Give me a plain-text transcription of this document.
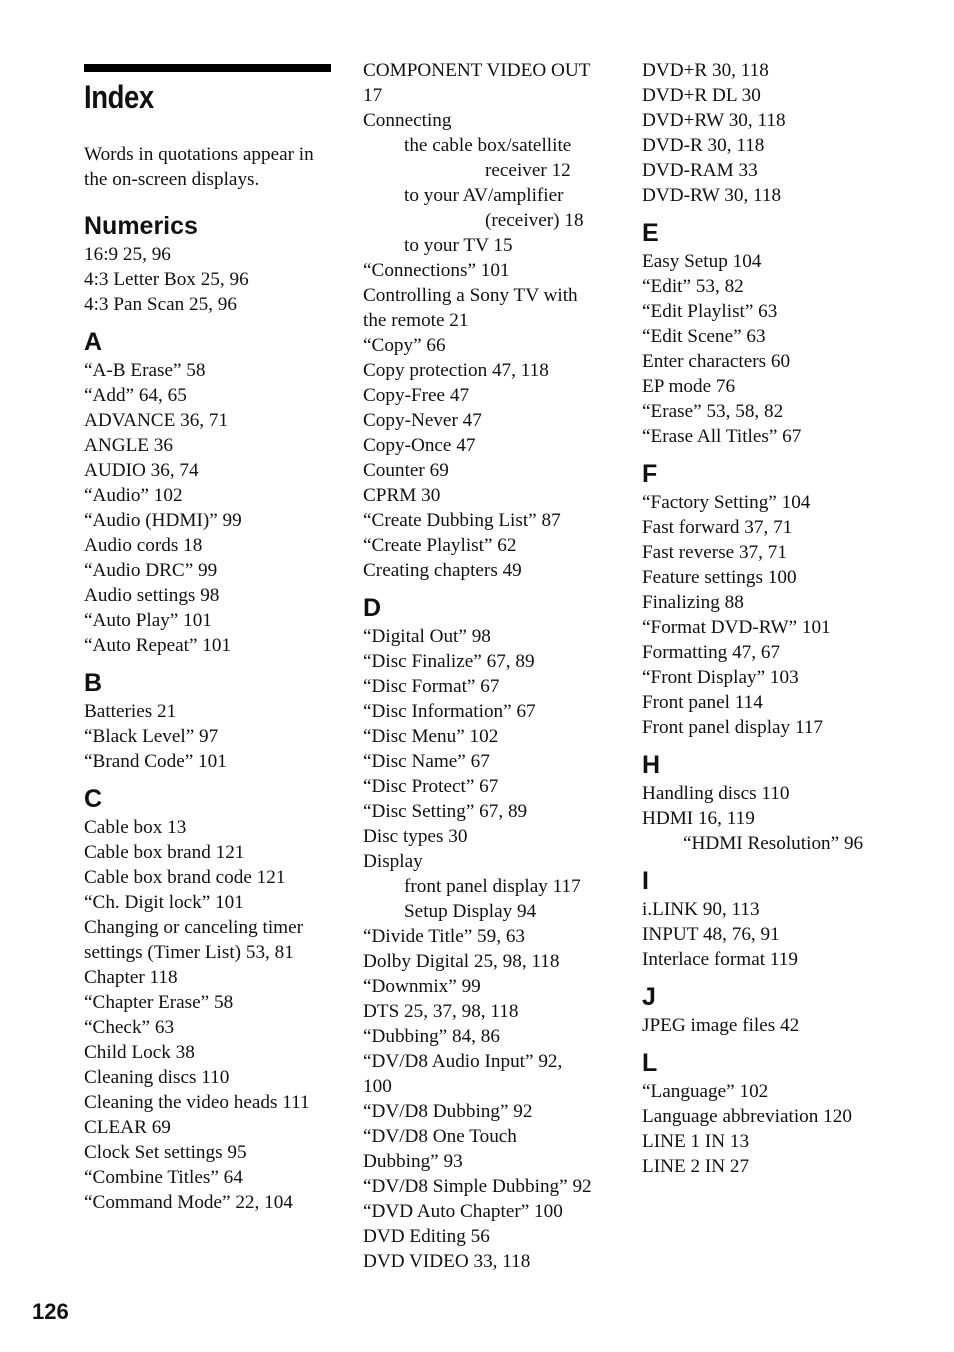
Index

Words in quotations appear in the on-screen displays.

Numerics
16:9 25, 96
4:3 Letter Box 25, 96
4:3 Pan Scan 25, 96
A
“A-B Erase” 58
“Add” 64, 65
ADVANCE 36, 71
ANGLE 36
AUDIO 36, 74
“Audio” 102
“Audio (HDMI)” 99
Audio cords 18
“Audio DRC” 99
Audio settings 98
“Auto Play” 101
“Auto Repeat” 101
B
Batteries 21
“Black Level” 97
“Brand Code” 101
C
Cable box 13
Cable box brand 121
Cable box brand code 121
“Ch. Digit lock” 101
Changing or canceling timer
settings (Timer List) 53, 81
Chapter 118
“Chapter Erase” 58
“Check” 63
Child Lock 38
Cleaning discs 110
Cleaning the video heads 111
CLEAR 69
Clock Set settings 95
“Combine Titles” 64
“Command Mode” 22, 104
COMPONENT VIDEO OUT
17
Connecting
the cable box/satellite
receiver 12
to your AV/amplifier
(receiver) 18
to your TV 15
“Connections” 101
Controlling a Sony TV with
the remote 21
“Copy” 66
Copy protection 47, 118
Copy-Free 47
Copy-Never 47
Copy-Once 47
Counter 69
CPRM 30
“Create Dubbing List” 87
“Create Playlist” 62
Creating chapters 49
D
“Digital Out” 98
“Disc Finalize” 67, 89
“Disc Format” 67
“Disc Information” 67
“Disc Menu” 102
“Disc Name” 67
“Disc Protect” 67
“Disc Setting” 67, 89
Disc types 30
Display
front panel display 117
Setup Display 94
“Divide Title” 59, 63
Dolby Digital 25, 98, 118
“Downmix” 99
DTS 25, 37, 98, 118
“Dubbing” 84, 86
“DV/D8 Audio Input” 92,
100
“DV/D8 Dubbing” 92
“DV/D8 One Touch
Dubbing” 93
“DV/D8 Simple Dubbing” 92
“DVD Auto Chapter” 100
DVD Editing 56
DVD VIDEO 33, 118
DVD+R 30, 118
DVD+R DL 30
DVD+RW 30, 118
DVD-R 30, 118
DVD-RAM 33
DVD-RW 30, 118
E
Easy Setup 104
“Edit” 53, 82
“Edit Playlist” 63
“Edit Scene” 63
Enter characters 60
EP mode 76
“Erase” 53, 58, 82
“Erase All Titles” 67
F
“Factory Setting” 104
Fast forward 37, 71
Fast reverse 37, 71
Feature settings 100
Finalizing 88
“Format DVD-RW” 101
Formatting 47, 67
“Front Display” 103
Front panel 114
Front panel display 117
H
Handling discs 110
HDMI 16, 119
“HDMI Resolution” 96
I
i.LINK 90, 113
INPUT 48, 76, 91
Interlace format 119
J
JPEG image files 42
L
“Language” 102
Language abbreviation 120
LINE 1 IN 13
LINE 2 IN 27

126
